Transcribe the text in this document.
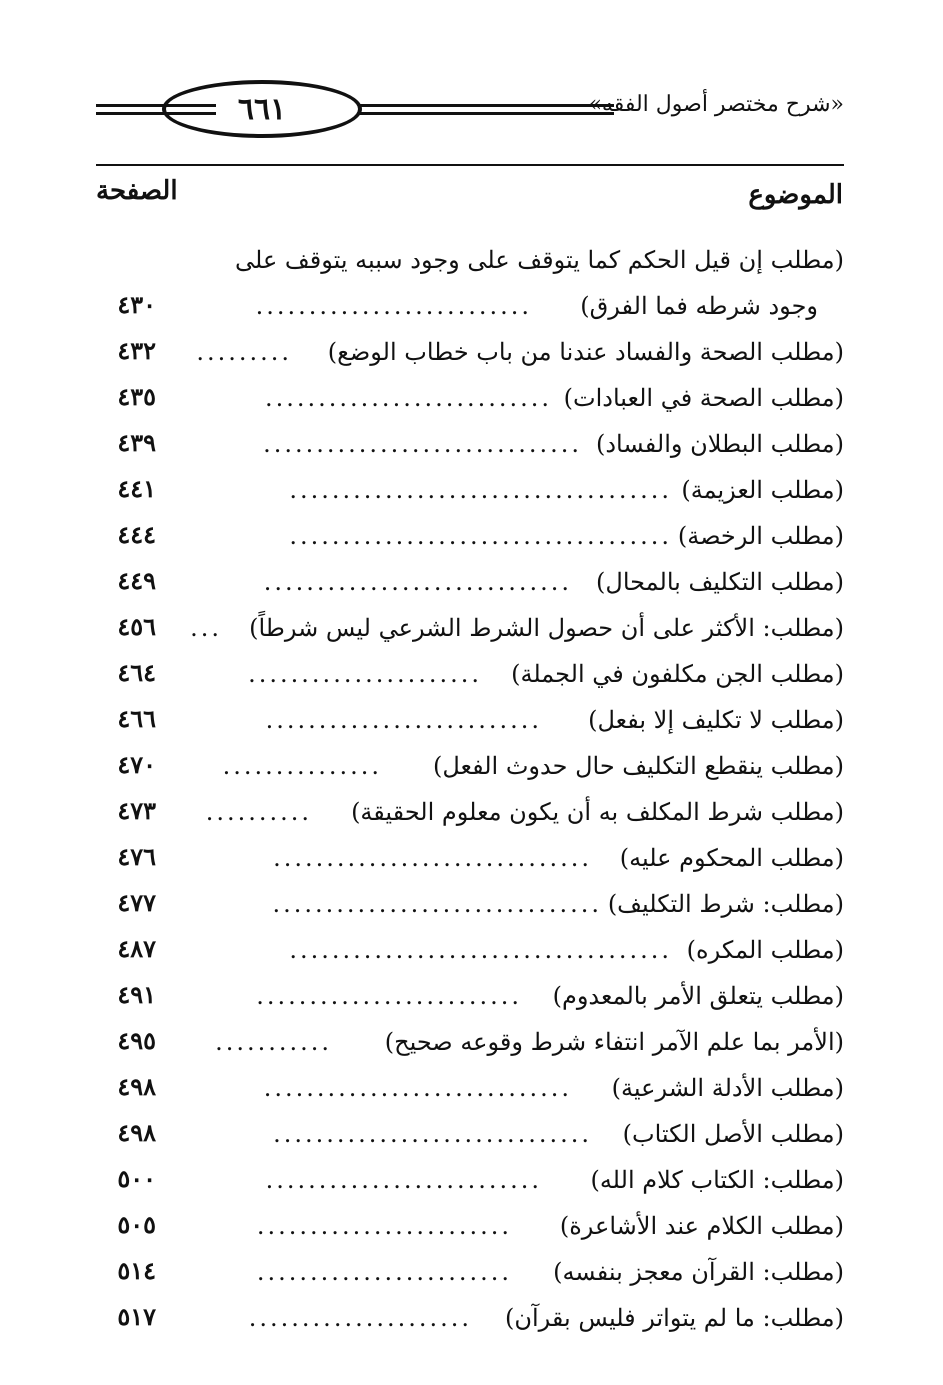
٦٦١	«شرح مختصر أصول الفقه»
الموضوع
الصفحة
(مطلب إن قيل الحكم كما يتوقف على وجود سببه يتوقف على
وجود شرطه فما الفرق)
..........................
٤٣٠
(مطلب الصحة والفساد عندنا من باب خطاب الوضع)
.........
٤٣٢
(مطلب الصحة في العبادات)
...........................
٤٣٥
(مطلب البطلان والفساد)
..............................
٤٣٩
(مطلب العزيمة)
....................................
٤٤١
(مطلب الرخصة)
....................................
٤٤٤
(مطلب التكليف بالمحال)
.............................
٤٤٩
(مطلب: الأكثر على أن حصول الشرط الشرعي ليس شرطاً)
...
٤٥٦
(مطلب الجن مكلفون في الجملة)
......................
٤٦٤
(مطلب لا تكليف إلا بفعل)
..........................
٤٦٦
(مطلب ينقطع التكليف حال حدوث الفعل)
...............
٤٧٠
(مطلب شرط المكلف به أن يكون معلوم الحقيقة)
..........
٤٧٣
(مطلب المحكوم عليه)
..............................
٤٧٦
(مطلب: شرط التكليف)
...............................
٤٧٧
(مطلب المكره)
....................................
٤٨٧
(مطلب يتعلق الأمر بالمعدوم)
.........................
٤٩١
(الأمر بما علم الآمر انتفاء شرط وقوعه صحيح)
...........
٤٩٥
(مطلب الأدلة الشرعية)
.............................
٤٩٨
(مطلب الأصل الكتاب)
..............................
٤٩٨
(مطلب: الكتاب كلام الله)
..........................
٥٠٠
(مطلب الكلام عند الأشاعرة)
........................
٥٠٥
(مطلب: القرآن معجز بنفسه)
........................
٥١٤
(مطلب: ما لم يتواتر فليس بقرآن)
.....................
٥١٧
